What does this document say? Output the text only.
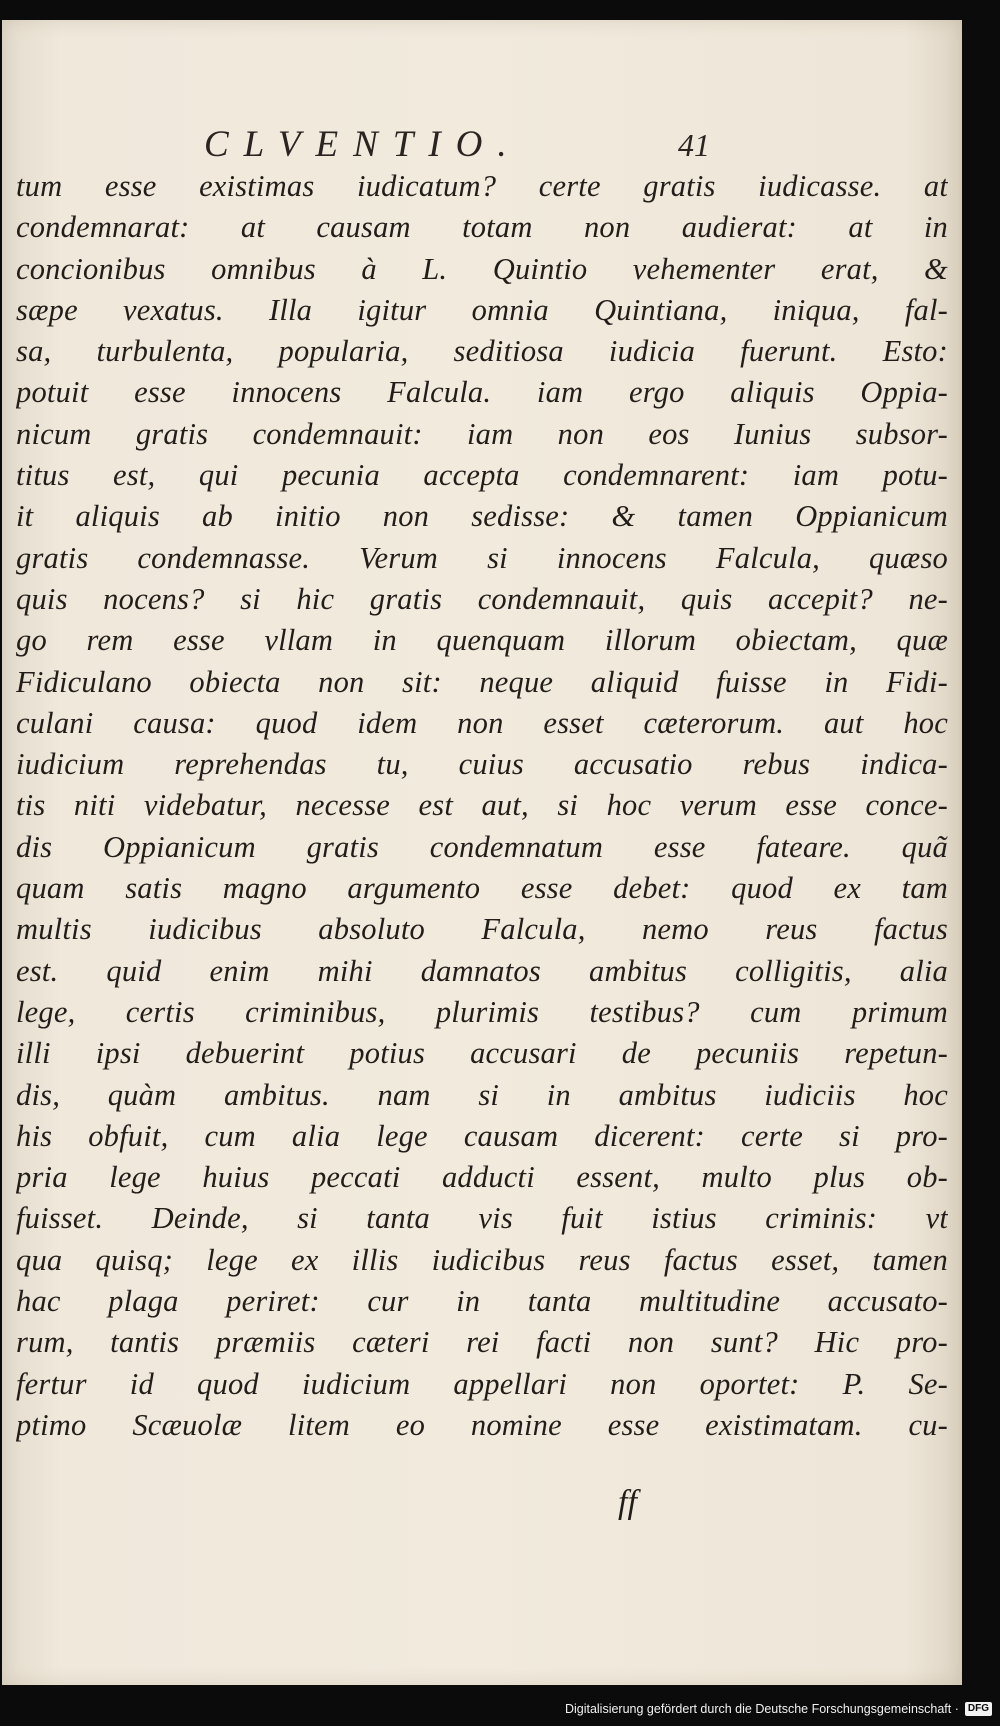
CLVENTIO.	41
tum esse existimas iudicatum? certe gratis iudicasse. at
condemnarat: at causam totam non audierat: at in
concionibus omnibus à L. Quintio vehementer erat, &
sæpe vexatus. Illa igitur omnia Quintiana, iniqua, fal-
sa, turbulenta, popularia, seditiosa iudicia fuerunt. Esto:
potuit esse innocens Falcula. iam ergo aliquis Oppia-
nicum gratis condemnauit: iam non eos Iunius subsor-
titus est, qui pecunia accepta condemnarent: iam potu-
it aliquis ab initio non sedisse: & tamen Oppianicum
gratis condemnasse. Verum si innocens Falcula, quæso
quis nocens? si hic gratis condemnauit, quis accepit? ne-
go rem esse vllam in quenquam illorum obiectam, quæ
Fidiculano obiecta non sit: neque aliquid fuisse in Fidi-
culani causa: quod idem non esset cæterorum. aut hoc
iudicium reprehendas tu, cuius accusatio rebus indica-
tis niti videbatur, necesse est aut, si hoc verum esse conce-
dis Oppianicum gratis condemnatum esse fateare. quã
quam satis magno argumento esse debet: quod ex tam
multis iudicibus absoluto Falcula, nemo reus factus
est. quid enim mihi damnatos ambitus colligitis, alia
lege, certis criminibus, plurimis testibus? cum primum
illi ipsi debuerint potius accusari de pecuniis repetun-
dis, quàm ambitus. nam si in ambitus iudiciis hoc
his obfuit, cum alia lege causam dicerent: certe si pro-
pria lege huius peccati adducti essent, multo plus ob-
fuisset. Deinde, si tanta vis fuit istius criminis: vt
qua quisq; lege ex illis iudicibus reus factus esset, tamen
hac plaga periret: cur in tanta multitudine accusato-
rum, tantis præmiis cæteri rei facti non sunt? Hic pro-
fertur id quod iudicium appellari non oportet: P. Se-
ptimo Scæuolæ litem eo nomine esse existimatam. cu-
ff
Digitalisierung gefördert durch die Deutsche Forschungsgemeinschaft · DFG
